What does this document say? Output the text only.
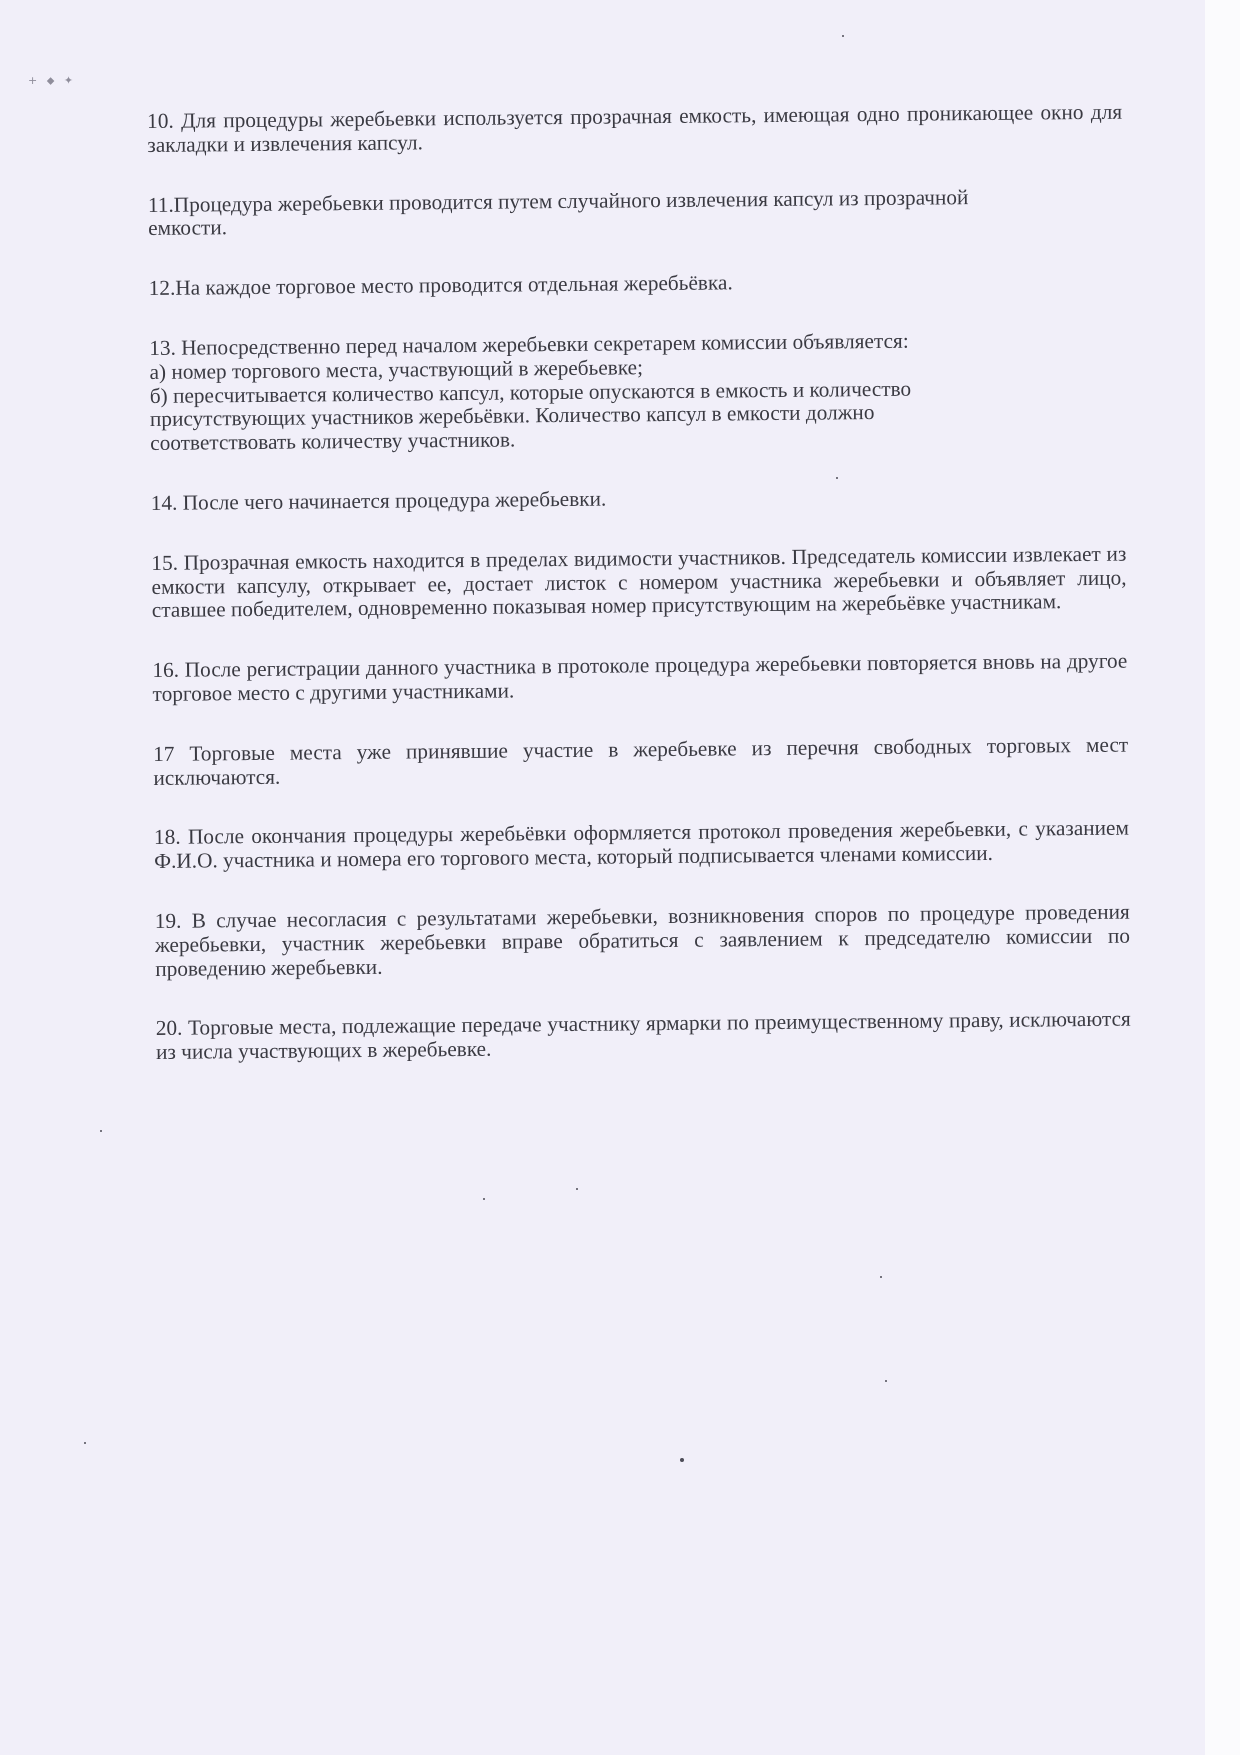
+ ⬥ ✦

10. Для процедуры жеребьевки используется прозрачная емкость, имеющая одно проникающее окно для закладки и извлечения капсул.

11.Процедура жеребьевки проводится путем случайного извлечения капсул из прозрачной
емкости.

12.На каждое торговое место проводится отдельная жеребьёвка.

13. Непосредственно перед началом жеребьевки секретарем комиссии объявляется:
а) номер торгового места, участвующий в жеребьевке;
б) пересчитывается количество капсул, которые опускаются в емкость и количество
присутствующих участников жеребьёвки. Количество капсул в емкости должно
соответствовать количеству участников.

14. После чего начинается процедура жеребьевки.

15. Прозрачная емкость находится в пределах видимости участников. Председатель комиссии извлекает из емкости капсулу, открывает ее, достает листок с номером участника жеребьевки и объявляет лицо, ставшее победителем, одновременно показывая номер присутствующим на жеребьёвке участникам.

16. После регистрации данного участника в протоколе процедура жеребьевки повторяется вновь на другое торговое место с другими участниками.

17 Торговые места уже принявшие участие в жеребьевке из перечня свободных торговых мест исключаются.

18. После окончания процедуры жеребьёвки оформляется протокол проведения жеребьевки, с указанием Ф.И.О. участника и номера его торгового места, который подписывается членами комиссии.

19. В случае несогласия с результатами жеребьевки, возникновения споров по процедуре проведения жеребьевки, участник жеребьевки вправе обратиться с заявлением к председателю комиссии по проведению жеребьевки.

20. Торговые места, подлежащие передаче участнику ярмарки по преимущественному праву, исключаются из числа участвующих в жеребьевке.
